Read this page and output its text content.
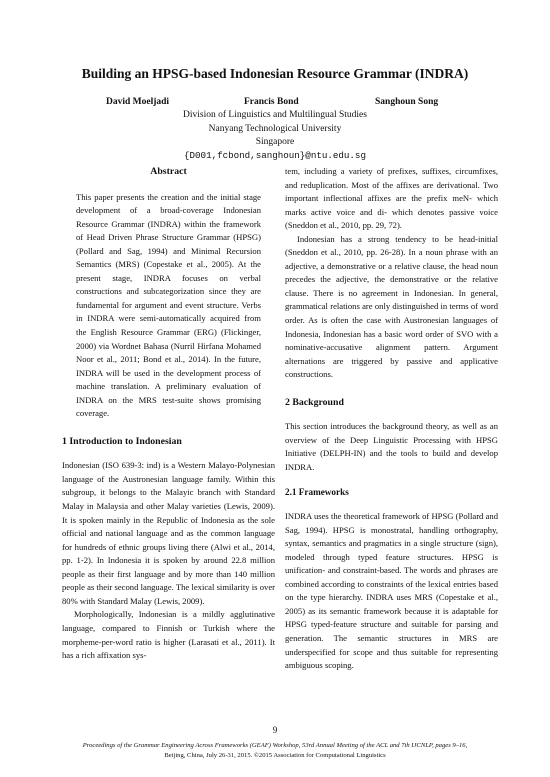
Building an HPSG-based Indonesian Resource Grammar (INDRA)
David Moeljadi	Francis Bond	Sanghoun Song
Division of Linguistics and Multilingual Studies
Nanyang Technological University
Singapore
{D001,fcbond,sanghoun}@ntu.edu.sg
Abstract

This paper presents the creation and the initial stage development of a broad-coverage Indonesian Resource Grammar (INDRA) within the framework of Head Driven Phrase Structure Grammar (HPSG) (Pollard and Sag, 1994) and Minimal Recursion Semantics (MRS) (Copestake et al., 2005). At the present stage, INDRA focuses on verbal constructions and subcategorization since they are fundamental for argument and event structure. Verbs in INDRA were semi-automatically acquired from the English Resource Grammar (ERG) (Flickinger, 2000) via Wordnet Bahasa (Nurril Hirfana Mohamed Noor et al., 2011; Bond et al., 2014). In the future, INDRA will be used in the development process of machine translation. A preliminary evaluation of INDRA on the MRS test-suite shows promising coverage.

1 Introduction to Indonesian

Indonesian (ISO 639-3: ind) is a Western Malayo-Polynesian language of the Austronesian language family. Within this subgroup, it belongs to the Malayic branch with Standard Malay in Malaysia and other Malay varieties (Lewis, 2009). It is spoken mainly in the Republic of Indonesia as the sole official and national language and as the common language for hundreds of ethnic groups living there (Alwi et al., 2014, pp. 1-2). In Indonesia it is spoken by around 22.8 million people as their first language and by more than 140 million people as their second language. The lexical similarity is over 80% with Standard Malay (Lewis, 2009).

Morphologically, Indonesian is a mildly agglutinative language, compared to Finnish or Turkish where the morpheme-per-word ratio is higher (Larasati et al., 2011). It has a rich affixation sys-

tem, including a variety of prefixes, suffixes, circumfixes, and reduplication. Most of the affixes are derivational. Two important inflectional affixes are the prefix meN- which marks active voice and di- which denotes passive voice (Sneddon et al., 2010, pp. 29, 72).

Indonesian has a strong tendency to be head-initial (Sneddon et al., 2010, pp. 26-28). In a noun phrase with an adjective, a demonstrative or a relative clause, the head noun precedes the adjective, the demonstrative or the relative clause. There is no agreement in Indonesian. In general, grammatical relations are only distinguished in terms of word order. As is often the case with Austronesian languages of Indonesia, Indonesian has a basic word order of SVO with a nominative-accusative alignment pattern. Argument alternations are triggered by passive and applicative constructions.

2 Background

This section introduces the background theory, as well as an overview of the Deep Linguistic Processing with HPSG Initiative (DELPH-IN) and the tools to build and develop INDRA.

2.1 Frameworks

INDRA uses the theoretical framework of HPSG (Pollard and Sag, 1994). HPSG is monostratal, handling orthography, syntax, semantics and pragmatics in a single structure (sign), modeled through typed feature structures. HPSG is unification- and constraint-based. The words and phrases are combined according to constraints of the lexical entries based on the type hierarchy. INDRA uses MRS (Copestake et al., 2005) as its semantic framework because it is adaptable for HPSG typed-feature structure and suitable for parsing and generation. The semantic structures in MRS are underspecified for scope and thus suitable for representing ambiguous scoping.

9
Proceedings of the Grammar Engineering Across Frameworks (GEAF) Workshop, 53rd Annual Meeting of the ACL and 7th IJCNLP, pages 9–16,
Beijing, China, July 26-31, 2015. ©2015 Association for Computational Linguistics
